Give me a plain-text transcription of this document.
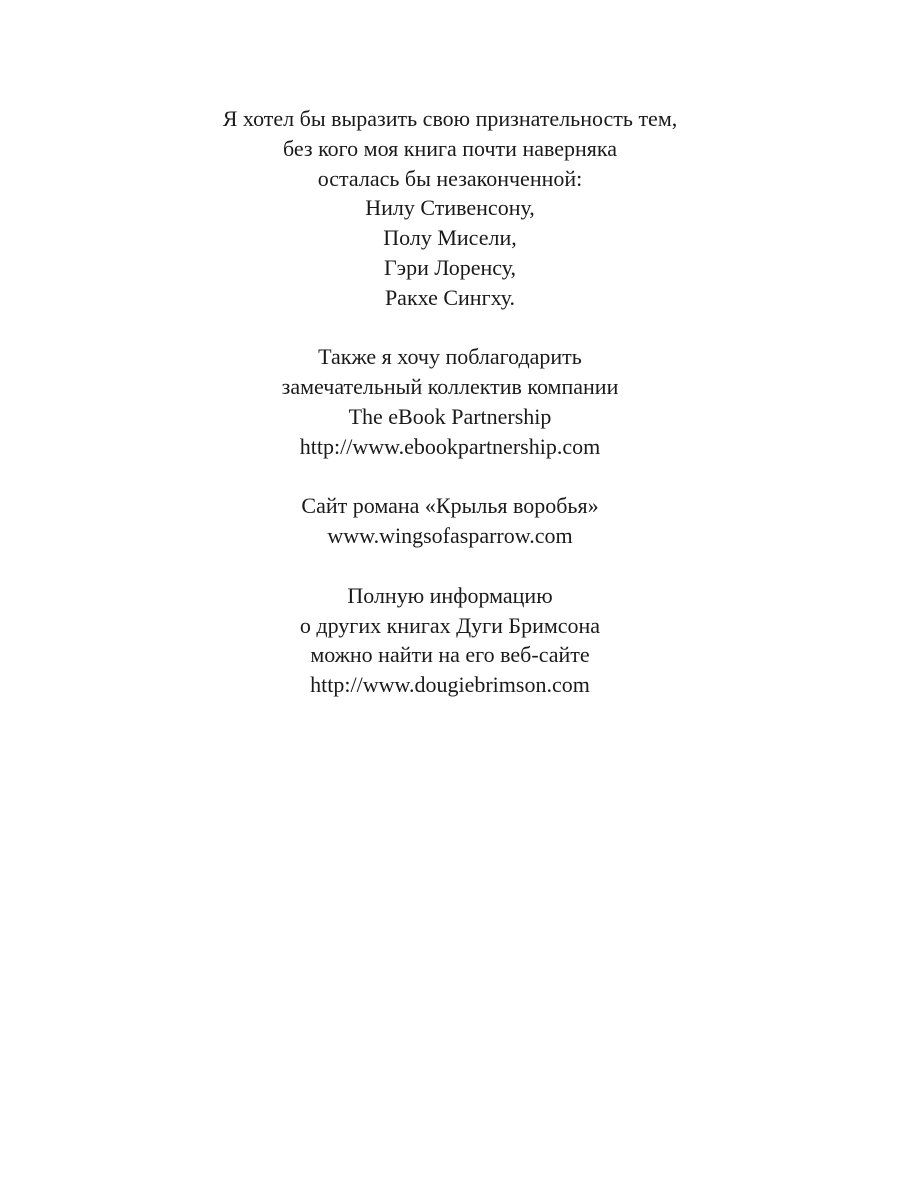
Я хотел бы выразить свою признательность тем,
без кого моя книга почти наверняка
осталась бы незаконченной:
Нилу Стивенсону,
Полу Мисели,
Гэри Лоренсу,
Ракхе Сингху.
Также я хочу поблагодарить
замечательный коллектив компании
The eBook Partnership
http://www.ebookpartnership.com
Сайт романа «Крылья воробья»
www.wingsofasparrow.com
Полную информацию
о других книгах Дуги Бримсона
можно найти на его веб-сайте
http://www.dougiebrimson.com
